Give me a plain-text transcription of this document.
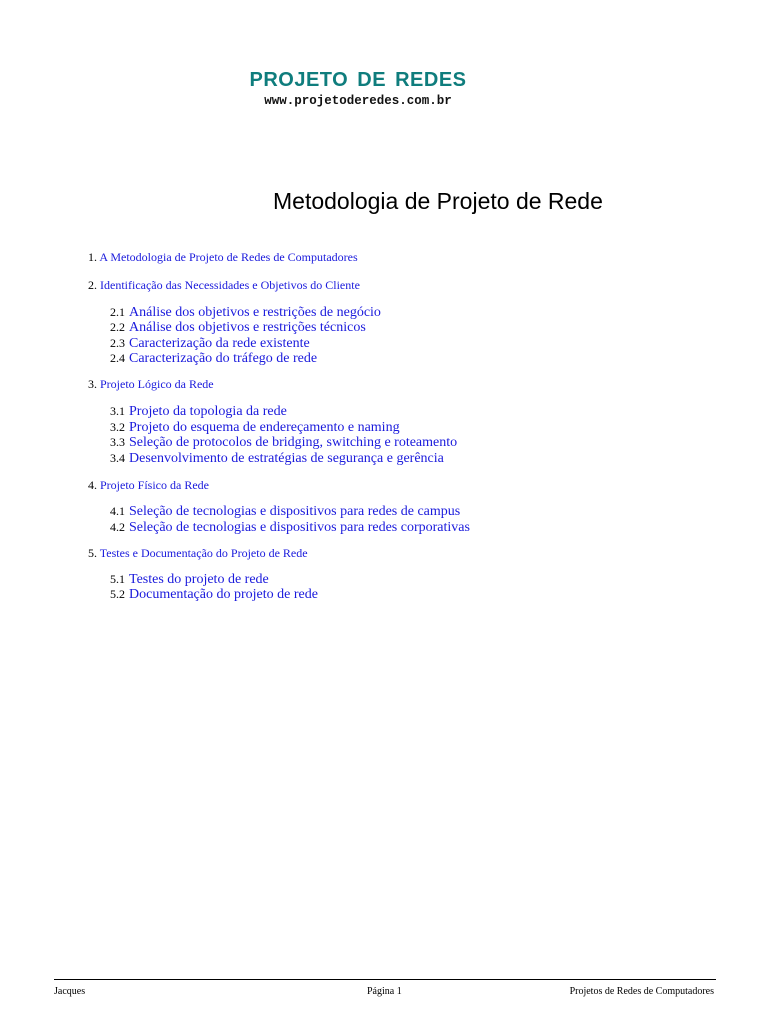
PROJETO DE REDES
www.projetoderedes.com.br
Metodologia de Projeto de Rede
1. A Metodologia de Projeto de Redes de Computadores
2. Identificação das Necessidades e Objetivos do Cliente
2.1 Análise dos objetivos e restrições de negócio
2.2 Análise dos objetivos e restrições técnicos
2.3 Caracterização da rede existente
2.4 Caracterização do tráfego de rede
3. Projeto Lógico da Rede
3.1 Projeto da topologia da rede
3.2 Projeto do esquema de endereçamento e naming
3.3 Seleção de protocolos de bridging, switching e roteamento
3.4 Desenvolvimento de estratégias de segurança e gerência
4. Projeto Físico da Rede
4.1 Seleção de tecnologias e dispositivos para redes de campus
4.2 Seleção de tecnologias e dispositivos para redes corporativas
5. Testes e Documentação do Projeto de Rede
5.1 Testes do projeto de rede
5.2 Documentação do projeto de rede
Jacques	Página 1	Projetos de Redes de Computadores
